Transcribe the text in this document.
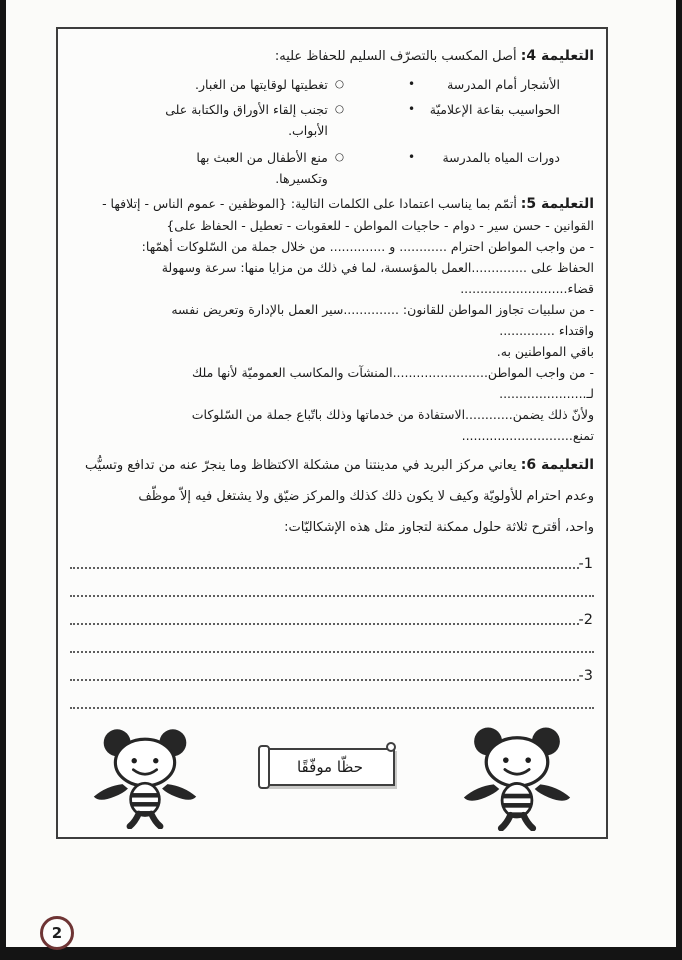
التعليمة 4: أصل المكسب بالتصرّف السليم للحفاظ عليه:

الأشجار أمام المدرسة
•
○
تغطيتها لوقايتها من الغبار.
الحواسيب بقاعة الإعلاميّة
•
○
تجنب إلقاء الأوراق والكتابة على
الأبواب.
دورات المياه بالمدرسة
•
○
منع الأطفال من العبث بها
وتكسيرها.
التعليمة 5: أتمّم بما يناسب اعتمادا على الكلمات التالية: {الموظفين - عموم الناس - إتلافها -
القوانين - حسن سير - دوام - حاجيات المواطن - للعقوبات - تعطيل - الحفاظ على}
- من واجب المواطن احترام ............ و .............. من خلال جملة من السّلوكات أهمّها:
الحفاظ على ..............العمل بالمؤسسة، لما في ذلك من مزايا منها: سرعة وسهولة
قضاء...........................
- من سلبيات تجاوز المواطن للقانون: ..............سير العمل بالإدارة وتعريض نفسه
واقتداء ..............
باقي المواطنين به.
- من واجب المواطن........................المنشآت والمكاسب العموميّة لأنها ملك
لـ......................
ولأنّ ذلك يضمن............الاستفادة من خدماتها وذلك باتّباع جملة من السّلوكات
تمنع............................
التعليمة 6: يعاني مركز البريد في مدينتنا من مشكلة الاكتظاظ وما ينجرّ عنه من تدافع وتسيُّب
وعدم احترام للأولويّة وكيف لا يكون ذلك كذلك والمركز ضيّق ولا يشتغل فيه إلاّ موظّف
واحد، أقترح ثلاثة حلول ممكنة لتجاوز مثل هذه الإشكاليّات:
-1
-2
-3
حظّا موفّقًا
2
